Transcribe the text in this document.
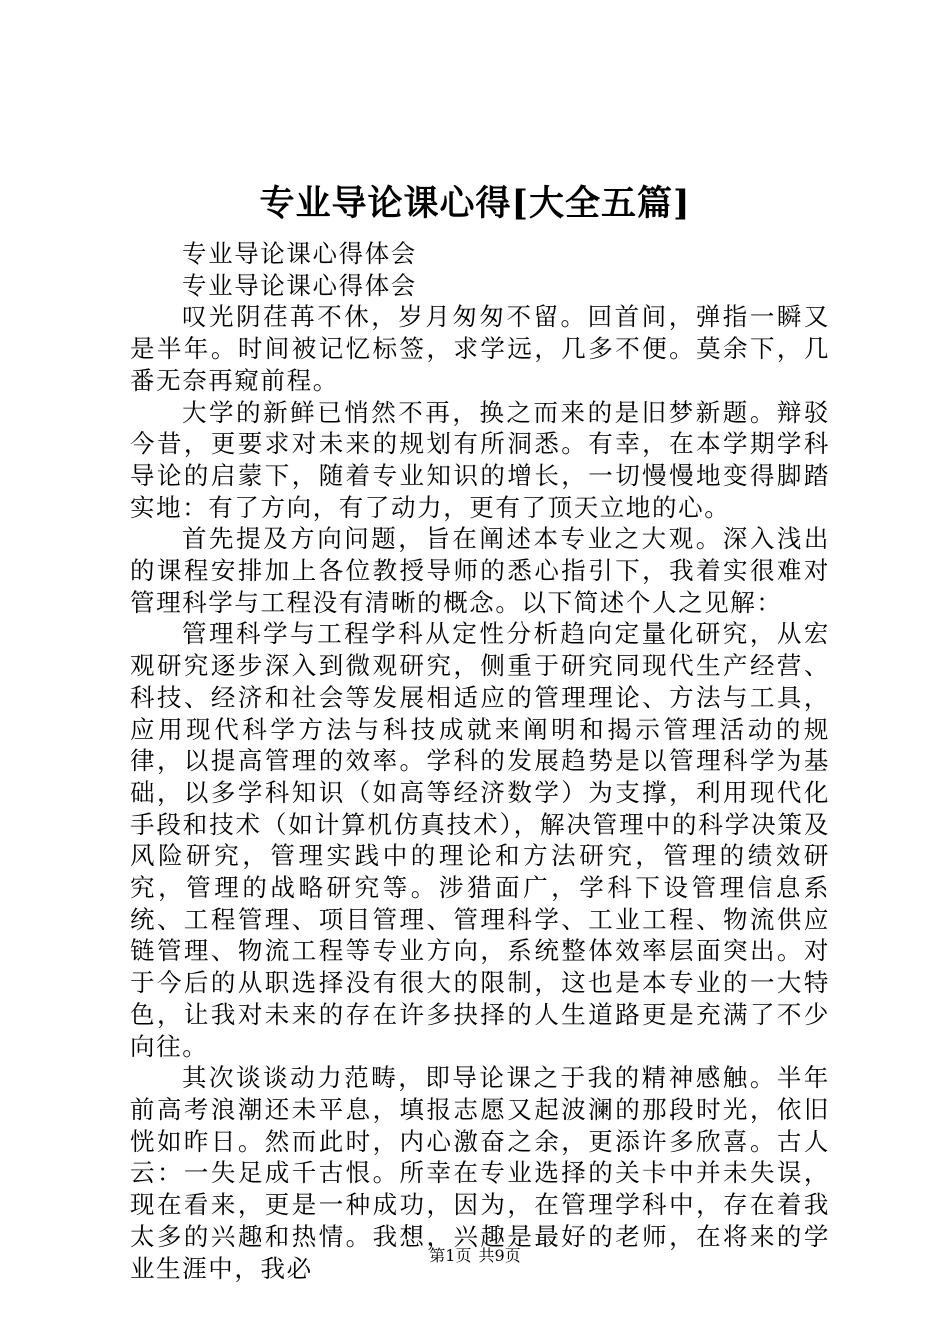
专业导论课心得[大全五篇]

专业导论课心得体会

专业导论课心得体会

叹光阴荏苒不休，岁月匆匆不留。回首间，弹指一瞬又是半年。时间被记忆标签，求学远，几多不便。莫余下，几番无奈再窥前程。

大学的新鲜已悄然不再，换之而来的是旧梦新题。辩驳今昔，更要求对未来的规划有所洞悉。有幸，在本学期学科导论的启蒙下，随着专业知识的增长，一切慢慢地变得脚踏实地：有了方向，有了动力，更有了顶天立地的心。

首先提及方向问题，旨在阐述本专业之大观。深入浅出的课程安排加上各位教授导师的悉心指引下，我着实很难对管理科学与工程没有清晰的概念。以下简述个人之见解：

管理科学与工程学科从定性分析趋向定量化研究，从宏观研究逐步深入到微观研究，侧重于研究同现代生产经营、科技、经济和社会等发展相适应的管理理论、方法与工具，应用现代科学方法与科技成就来阐明和揭示管理活动的规律，以提高管理的效率。学科的发展趋势是以管理科学为基础，以多学科知识（如高等经济数学）为支撑，利用现代化手段和技术（如计算机仿真技术），解决管理中的科学决策及风险研究，管理实践中的理论和方法研究，管理的绩效研究，管理的战略研究等。涉猎面广，学科下设管理信息系统、工程管理、项目管理、管理科学、工业工程、物流供应链管理、物流工程等专业方向，系统整体效率层面突出。对于今后的从职选择没有很大的限制，这也是本专业的一大特色，让我对未来的存在许多抉择的人生道路更是充满了不少向往。

其次谈谈动力范畴，即导论课之于我的精神感触。半年前高考浪潮还未平息，填报志愿又起波澜的那段时光，依旧恍如昨日。然而此时，内心激奋之余，更添许多欣喜。古人云：一失足成千古恨。所幸在专业选择的关卡中并未失误，现在看来，更是一种成功，因为，在管理学科中，存在着我太多的兴趣和热情。我想，兴趣是最好的老师，在将来的学业生涯中，我必	第1页 共9页
